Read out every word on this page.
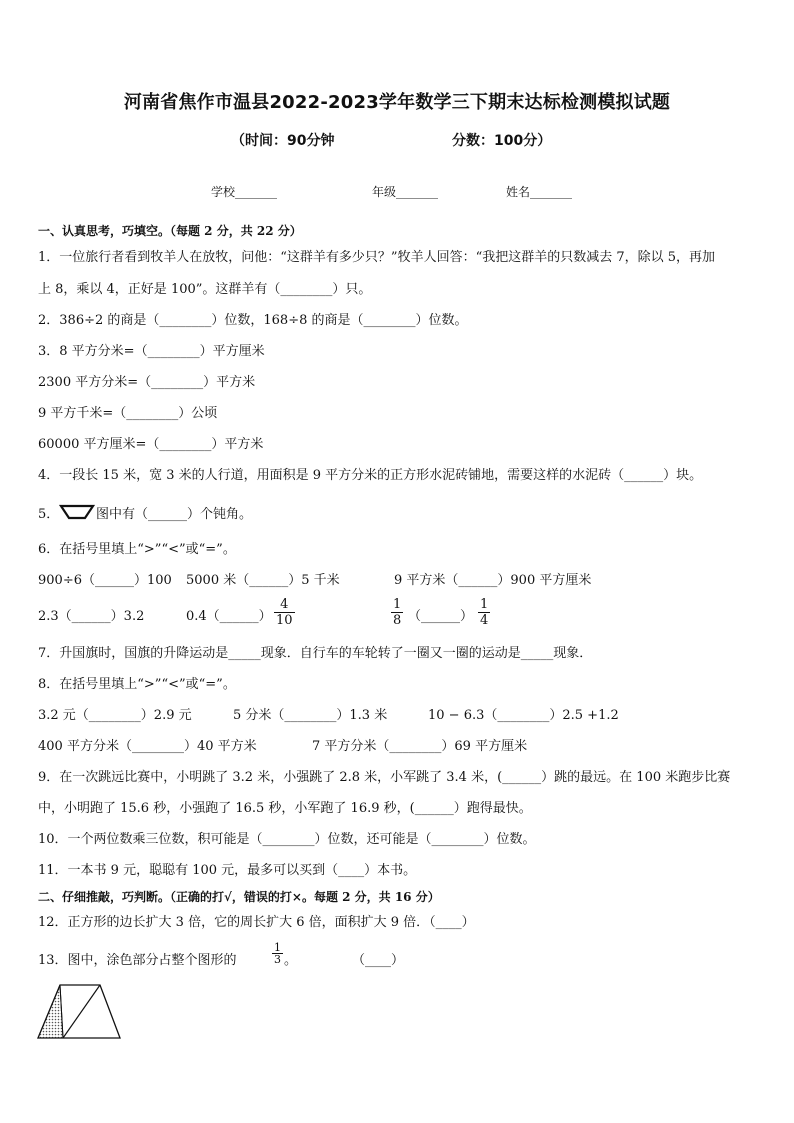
河南省焦作市温县2022-2023学年数学三下期末达标检测模拟试题
（时间：90分钟	分数：100分）
学校_______	年级_______	姓名_______
一、认真思考，巧填空。（每题 2 分，共 22 分）
1．一位旅行者看到牧羊人在放牧，问他：“这群羊有多少只？”牧羊人回答：“我把这群羊的只数减去 7，除以 5，再加
上 8，乘以 4，正好是 100”。这群羊有（________）只。
2．386÷2 的商是（________）位数，168÷8 的商是（________）位数。
3．8 平方分米=（________）平方厘米
2300 平方分米=（________）平方米
9 平方千米=（________）公顷
60000 平方厘米=（________）平方米
4．一段长 15 米，宽 3 米的人行道，用面积是 9 平方分米的正方形水泥砖铺地，需要这样的水泥砖（______）块。
5．	图中有（______）个钝角。
6．在括号里填上“>”“<”或“=”。
900÷6（______）100 5000 米（______）5 千米	9 平方米（______）900 平方厘米
2.3（______）3.2	0.4（______） $\frac{4}{10}$	$\frac{1}{8}$ （______） $\frac{1}{4}$
7．升国旗时，国旗的升降运动是_____现象．自行车的车轮转了一圈又一圈的运动是_____现象．
8．在括号里填上“>”“<”或“=”。
3.2 元（________）2.9 元	5 分米（________）1.3 米	10 − 6.3（________）2.5 +1.2
400 平方分米（________）40 平方米	7 平方分米（________）69 平方厘米
9．在一次跳远比赛中，小明跳了 3.2 米，小强跳了 2.8 米，小军跳了 3.4 米，(______）跳的最远。在 100 米跑步比赛
中，小明跑了 15.6 秒，小强跑了 16.5 秒，小军跑了 16.9 秒，(______）跑得最快。
10．一个两位数乘三位数，积可能是（________）位数，还可能是（________）位数。
11．一本书 9 元，聪聪有 100 元，最多可以买到（____）本书。
二、仔细推敲，巧判断。（正确的打√，错误的打×。每题 2 分，共 16 分）
12．正方形的边长扩大 3 倍，它的周长扩大 6 倍，面积扩大 9 倍．（____）
13．图中，涂色部分占整个图形的	$\frac{1}{3}$ 。	（____）
